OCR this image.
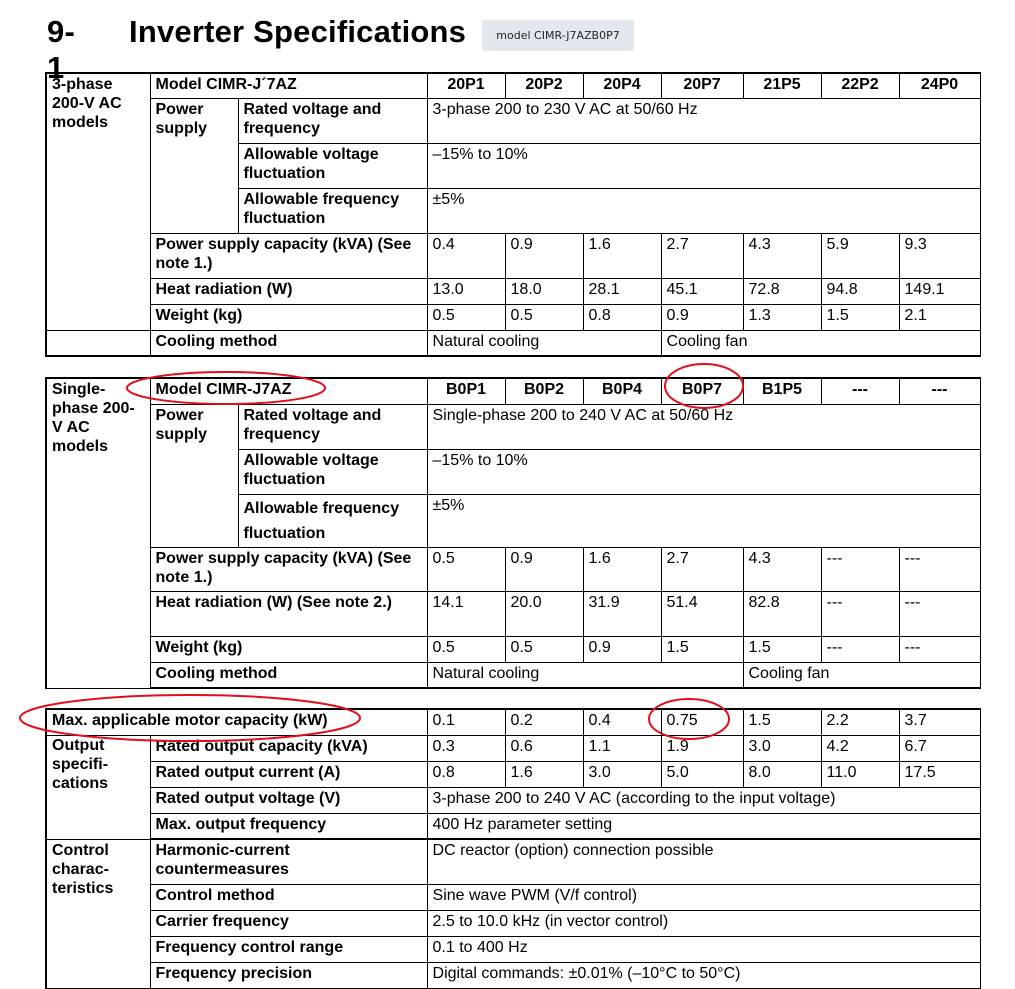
9-1
Inverter Specifications	model CIMR-J7AZB0P7
3-phase 200-V AC models	Model CIMR-J´7AZ		20P1	20P2	20P4	20P7	21P5	22P2	24P0
	Power supply	Rated voltage and frequency	3-phase 200 to 230 V AC at 50/60 Hz						
		Allowable voltage fluctuation	–15% to 10%						
		Allowable frequency fluctuation	±5%						
	Power supply capacity (kVA) (See note 1.)		0.4	0.9	1.6	2.7	4.3	5.9	9.3
	Heat radiation (W)		13.0	18.0	28.1	45.1	72.8	94.8	149.1
	Weight (kg)		0.5	0.5	0.8	0.9	1.3	1.5	2.1
	Cooling method		Natural cooling			Cooling fan			
Single-phase 200-V AC models	Model CIMR-J7AZ		B0P1	B0P2	B0P4	B0P7	B1P5	---	---
	Power supply	Rated voltage and frequency	Single-phase 200 to 240 V AC at 50/60 Hz						
		Allowable voltage fluctuation	–15% to 10%						
		Allowable frequency fluctuation	±5%						
	Power supply capacity (kVA) (See note 1.)		0.5	0.9	1.6	2.7	4.3	---	---
	Heat radiation (W) (See note 2.)		14.1	20.0	31.9	51.4	82.8	---	---
	Weight (kg)		0.5	0.5	0.9	1.5	1.5	---	---
	Cooling method		Natural cooling				Cooling fan		
Max. applicable motor capacity (kW)		0.1	0.2	0.4	0.75	1.5	2.2	3.7
Output specifi-cations	Rated output capacity (kVA)	0.3	0.6	1.1	1.9	3.0	4.2	6.7
	Rated output current (A)	0.8	1.6	3.0	5.0	8.0	11.0	17.5
	Rated output voltage (V)	3-phase 200 to 240 V AC (according to the input voltage)						
	Max. output frequency	400 Hz parameter setting						
Control charac-teristics	Harmonic-current countermeasures	DC reactor (option) connection possible						
	Control method	Sine wave PWM (V/f control)						
	Carrier frequency	2.5 to 10.0 kHz (in vector control)						
	Frequency control range	0.1 to 400 Hz						
	Frequency precision	Digital commands: ±0.01% (–10°C to 50°C)						
